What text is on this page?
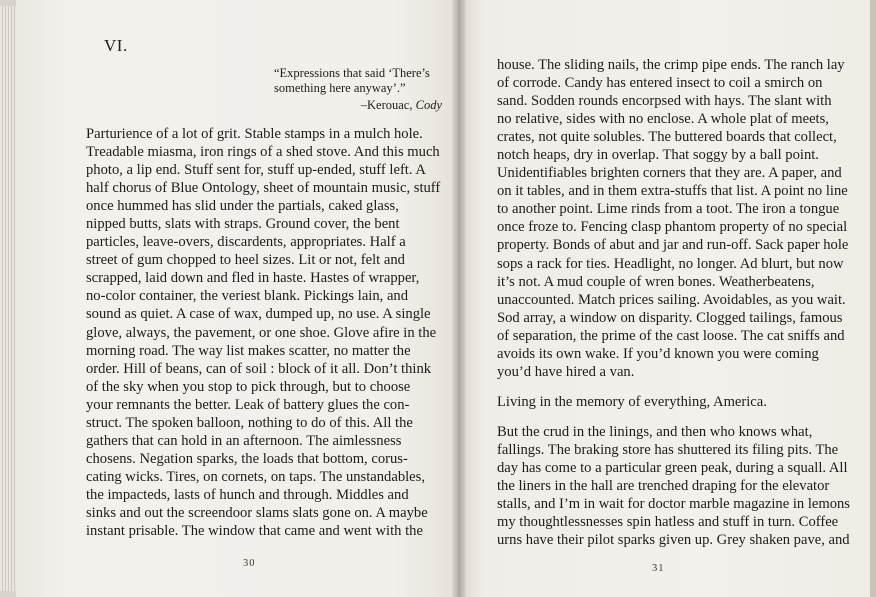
VI.
“Expressions that said ‘There’s
something here anyway’.”
–Kerouac, Cody
Parturience of a lot of grit. Stable stamps in a mulch hole.
Treadable miasma, iron rings of a shed stove. And this much
photo, a lip end. Stuff sent for, stuff up-ended, stuff left. A
half chorus of Blue Ontology, sheet of mountain music, stuff
once hummed has slid under the partials, caked glass,
nipped butts, slats with straps. Ground cover, the bent
particles, leave-overs, discardents, appropriates. Half a
street of gum chopped to heel sizes. Lit or not, felt and
scrapped, laid down and fled in haste. Hastes of wrapper,
no-color container, the veriest blank. Pickings lain, and
sound as quiet. A case of wax, dumped up, no use. A single
glove, always, the pavement, or one shoe. Glove afire in the
morning road. The way list makes scatter, no matter the
order. Hill of beans, can of soil : block of it all. Don’t think
of the sky when you stop to pick through, but to choose
your remnants the better. Leak of battery glues the con-
struct. The spoken balloon, nothing to do of this. All the
gathers that can hold in an afternoon. The aimlessness
chosens. Negation sparks, the loads that bottom, corus-
cating wicks. Tires, on cornets, on taps. The unstandables,
the impacteds, lasts of hunch and through. Middles and
sinks and out the screendoor slams slats gone on. A maybe
instant prisable. The window that came and went with the
house. The sliding nails, the crimp pipe ends. The ranch lay
of corrode. Candy has entered insect to coil a smirch on
sand. Sodden rounds encorpsed with hays. The slant with
no relative, sides with no enclose. A whole plat of meets,
crates, not quite solubles. The buttered boards that collect,
notch heaps, dry in overlap. That soggy by a ball point.
Unidentifiables brighten corners that they are. A paper, and
on it tables, and in them extra-stuffs that list. A point no line
to another point. Lime rinds from a toot. The iron a tongue
once froze to. Fencing clasp phantom property of no special
property. Bonds of abut and jar and run-off. Sack paper hole
sops a rack for ties. Headlight, no longer. Ad blurt, but now
it’s not. A mud couple of wren bones. Weatherbeatens,
unaccounted. Match prices sailing. Avoidables, as you wait.
Sod array, a window on disparity. Clogged tailings, famous
of separation, the prime of the cast loose. The cat sniffs and
avoids its own wake. If you’d known you were coming
you’d have hired a van.
Living in the memory of everything, America.
But the crud in the linings, and then who knows what,
fallings. The braking store has shuttered its filing pits. The
day has come to a particular green peak, during a squall. All
the liners in the hall are trenched draping for the elevator
stalls, and I’m in wait for doctor marble magazine in lemons
my thoughtlessnesses spin hatless and stuff in turn. Coffee
urns have their pilot sparks given up. Grey shaken pave, and
30	31
